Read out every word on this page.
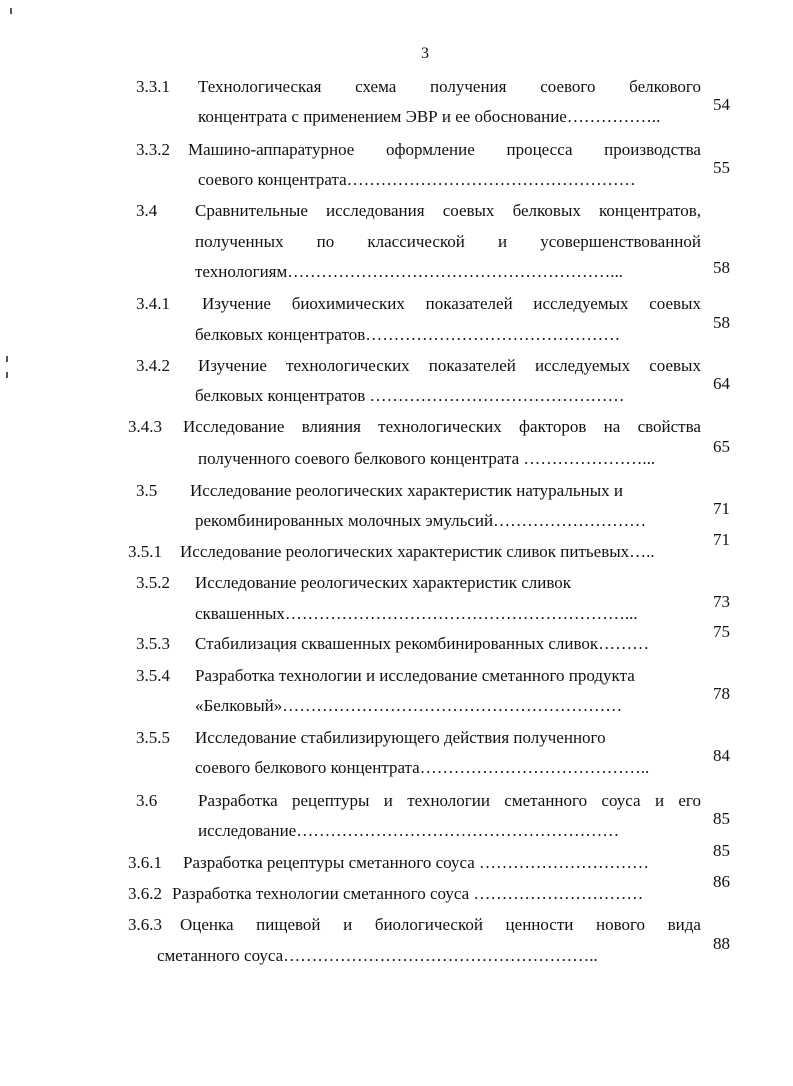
3
3.3.1 Технологическая схема получения соевого белкового
концентрата с применением ЭВР и ее обоснование……………..
54
3.3.2 Машино-аппаратурное оформление процесса производства
соевого концентрата……………………………………………
55
3.4 Сравнительные исследования соевых белковых концентратов,
полученных по классической и усовершенствованной
технологиям…………………………………………………...	58
3.4.1 Изучение биохимических показателей исследуемых соевых
белковых концентратов………………………………………
58
3.4.2 Изучение технологических показателей исследуемых соевых
белковых концентратов ………………………………………
64
3.4.3 Исследование влияния технологических факторов на свойства
полученного соевого белкового концентрата …………………...
65
3.5 Исследование реологических характеристик натуральных и
рекомбинированных молочных эмульсий………………………
71
3.5.1 Исследование реологических характеристик сливок питьевых…..
71
3.5.2 Исследование реологических характеристик сливок
сквашенных……………………………………………………...
73
3.5.3 Стабилизация сквашенных рекомбинированных сливок………
75
3.5.4 Разработка технологии и исследование сметанного продукта
«Белковый»……………………………………………………
78
3.5.5 Исследование стабилизирующего действия полученного
соевого белкового концентрата…………………………………..
84
3.6 Разработка рецептуры и технологии сметанного соуса и его
исследование…………………………………………………
85
3.6.1 Разработка рецептуры сметанного соуса …………………………
85
3.6.2 Разработка технологии сметанного соуса …………………………
86
3.6.3 Оценка пищевой и биологической ценности нового вида
сметанного соуса………………………………………………..
88
